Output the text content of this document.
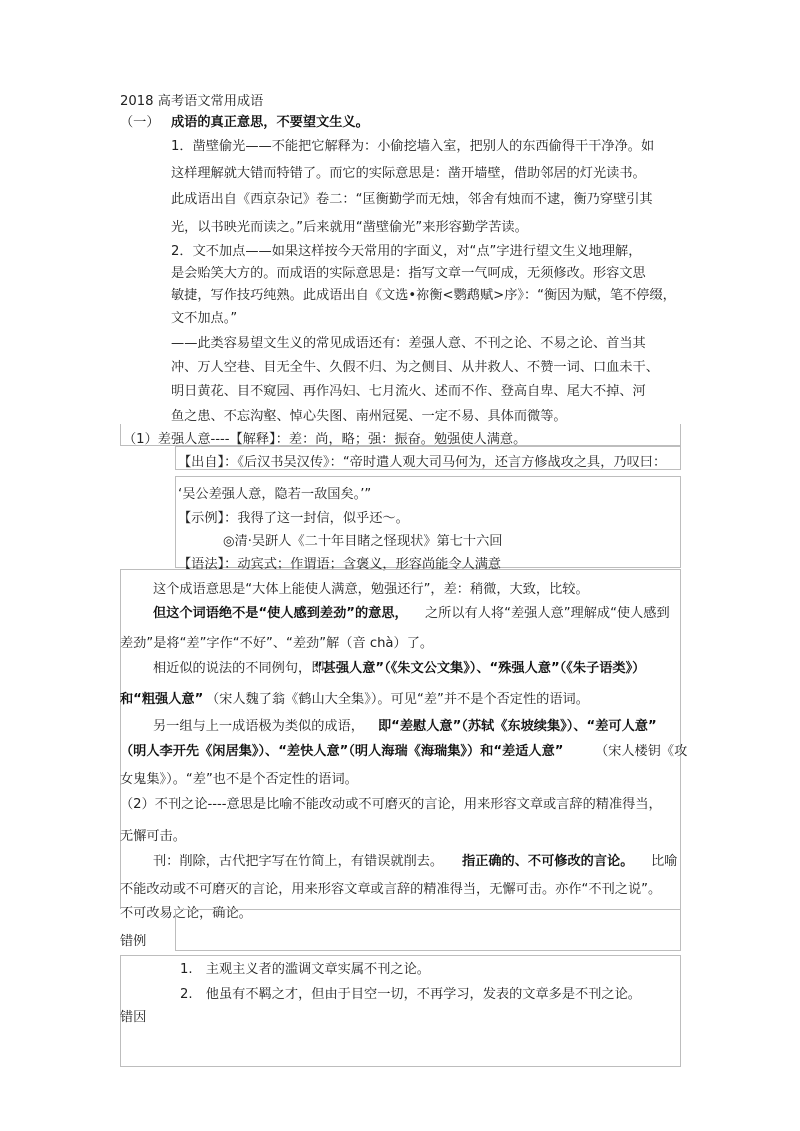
2018 高考语文常用成语
（一） 成语的真正意思，不要望文生义。
1．凿壁偷光——不能把它解释为：小偷挖墙入室，把别人的东西偷得干干净净。如
这样理解就大错而特错了。而它的实际意思是：凿开墙壁，借助邻居的灯光读书。
此成语出自《西京杂记》卷二：“匡衡勤学而无烛，邻舍有烛而不逮，衡乃穿壁引其
光，以书映光而读之。”后来就用“凿壁偷光”来形容勤学苦读。
2．文不加点——如果这样按今天常用的字面义，对“点”字进行望文生义地理解，
是会贻笑大方的。而成语的实际意思是：指写文章一气呵成，无须修改。形容文思
敏捷，写作技巧纯熟。此成语出自《文选•祢衡<鹦鹉赋>序》：“衡因为赋，笔不停缀，
文不加点。”
——此类容易望文生义的常见成语还有：差强人意、不刊之论、不易之论、首当其
冲、万人空巷、目无全牛、久假不归、为之侧目、从井救人、不赞一词、口血未干、
明日黄花、目不窥园、再作冯妇、七月流火、述而不作、登高自卑、尾大不掉、河
鱼之患、不忘沟壑、悼心失图、南州冠冕、一定不易、具体而微等。
（1）差强人意----【解释】：差：尚，略；强：振奋。勉强使人满意。
【出自】：《后汉书吴汉传》：“帝时遣人观大司马何为，还言方修战攻之具，乃叹曰：
‘吴公差强人意，隐若一敌国矣。’”
【示例】：我得了这一封信，似乎还～。
◎清·吴趼人《二十年目睹之怪现状》第七十六回
【语法】：动宾式；作谓语；含褒义，形容尚能令人满意
这个成语意思是“大体上能使人满意，勉强还行”，差：稍微，大致，比较。
但这个词语绝不是“使人感到差劲”的意思， 之所以有人将“差强人意”理解成“使人感到
差劲”是将“差”字作“不好”、“差劲”解（音 chà）了。
相近似的说法的不同例句，即
“甚强人意”（《朱文公文集》）、“殊强人意”（《朱子语类》）
和“粗强人意” （宋人魏了翁《鹤山大全集》）。可见“差”并不是个否定性的语词。
另一组与上一成语极为类似的成语， 即“差慰人意”（苏轼《东坡续集》）、“差可人意”
（明人李开先《闲居集》）、“差快人意”（明人海瑞《海瑞集》）和“差适人意” （宋人楼钥《攻
女鬼集》）。“差”也不是个否定性的语词。
（2）不刊之论----意思是比喻不能改动或不可磨灭的言论，用来形容文章或言辞的精准得当，
无懈可击。
刊：削除，古代把字写在竹简上，有错误就削去。 指正确的、不可修改的言论。 比喻
不能改动或不可磨灭的言论，用来形容文章或言辞的精准得当，无懈可击。亦作“不刊之说”。
不可改易之论，确论。
错例
1.　主观主义者的滥调文章实属不刊之论。
2.　他虽有不羁之才，但由于目空一切，不再学习，发表的文章多是不刊之论。
错因
